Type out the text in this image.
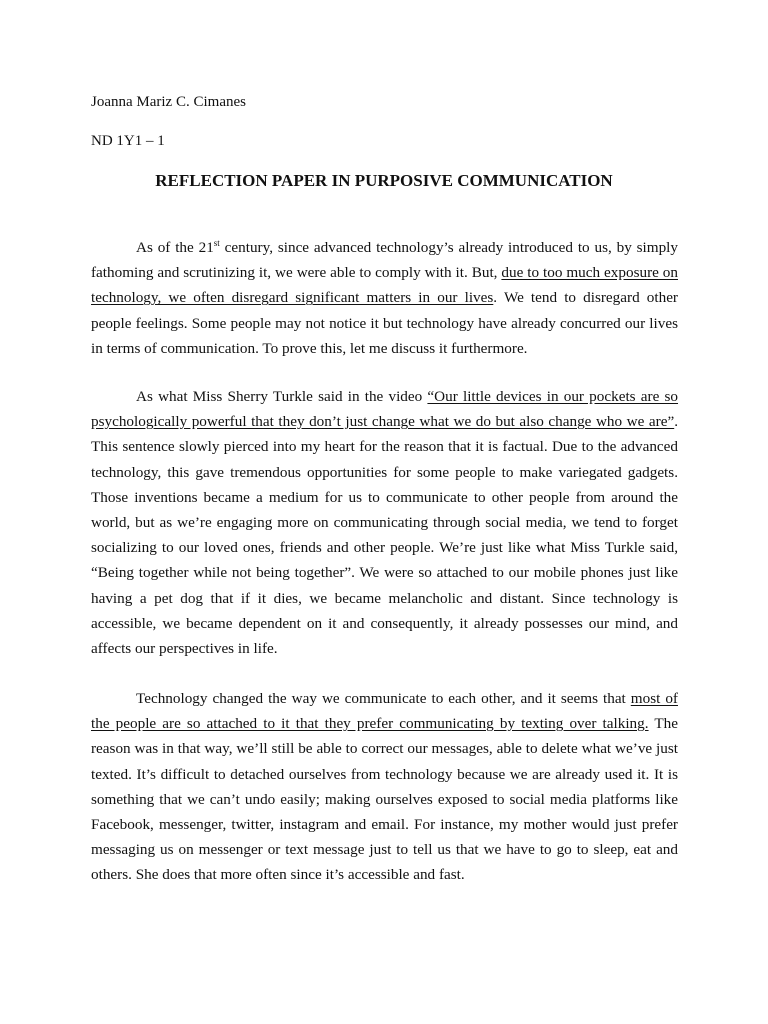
Joanna Mariz C. Cimanes
ND 1Y1 – 1
REFLECTION PAPER IN PURPOSIVE COMMUNICATION

As of the 21st century, since advanced technology’s already introduced to us, by simply fathoming and scrutinizing it, we were able to comply with it. But, due to too much exposure on technology, we often disregard significant matters in our lives. We tend to disregard other people feelings. Some people may not notice it but technology have already concurred our lives in terms of communication. To prove this, let me discuss it furthermore.

As what Miss Sherry Turkle said in the video “Our little devices in our pockets are so psychologically powerful that they don’t just change what we do but also change who we are”. This sentence slowly pierced into my heart for the reason that it is factual. Due to the advanced technology, this gave tremendous opportunities for some people to make variegated gadgets. Those inventions became a medium for us to communicate to other people from around the world, but as we’re engaging more on communicating through social media, we tend to forget socializing to our loved ones, friends and other people. We’re just like what Miss Turkle said, “Being together while not being together”. We were so attached to our mobile phones just like having a pet dog that if it dies, we became melancholic and distant. Since technology is accessible, we became dependent on it and consequently, it already possesses our mind, and affects our perspectives in life.

Technology changed the way we communicate to each other, and it seems that most of the people are so attached to it that they prefer communicating by texting over talking. The reason was in that way, we’ll still be able to correct our messages, able to delete what we’ve just texted. It’s difficult to detached ourselves from technology because we are already used it. It is something that we can’t undo easily; making ourselves exposed to social media platforms like Facebook, messenger, twitter, instagram and email. For instance, my mother would just prefer messaging us on messenger or text message just to tell us that we have to go to sleep, eat and others. She does that more often since it’s accessible and fast.
